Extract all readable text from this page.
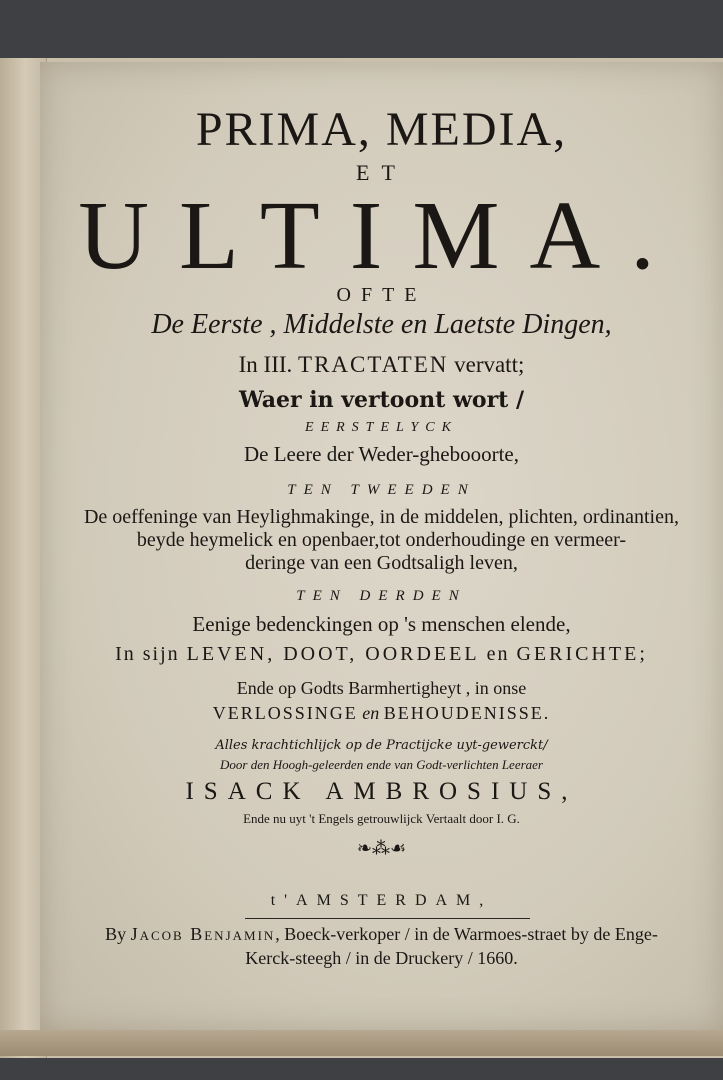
PRIMA, MEDIA,
ET
ULTIMA.
OFTE
De Eerste , Middelste en Laetste Dingen,
In III. TRACTATEN vervatt;
Waer in vertoont wort /
EERSTELYCK
De Leere der Weder-ghebooorte,
TEN TWEEDEN
De oeffeninge van Heylighmakinge, in de middelen, plichten, ordinantien,
beyde heymelick en openbaer,tot onderhoudinge en vermeer-
deringe van een Godtsaligh leven,
TEN DERDEN
Eenige bedenckingen op 's menschen elende,
In sijn LEVEN, DOOT, OORDEEL en GERICHTE;
Ende op Godts Barmhertigheyt , in onse
VERLOSSINGE en BEHOUDENISSE.
Alles krachtichlijck op de Practijcke uyt-gewerckt/
Door den Hoogh-geleerden ende van Godt-verlichten Leeraer
ISACK AMBROSIUS,
Ende nu uyt 't Engels getrouwlijck Vertaalt door I. G.
❧⁂☙
t'AMSTERDAM,
By Jacob Benjamin, Boeck-verkoper / in de Warmoes-straet by de Enge-
Kerck-steegh / in de Druckery / 1660.
